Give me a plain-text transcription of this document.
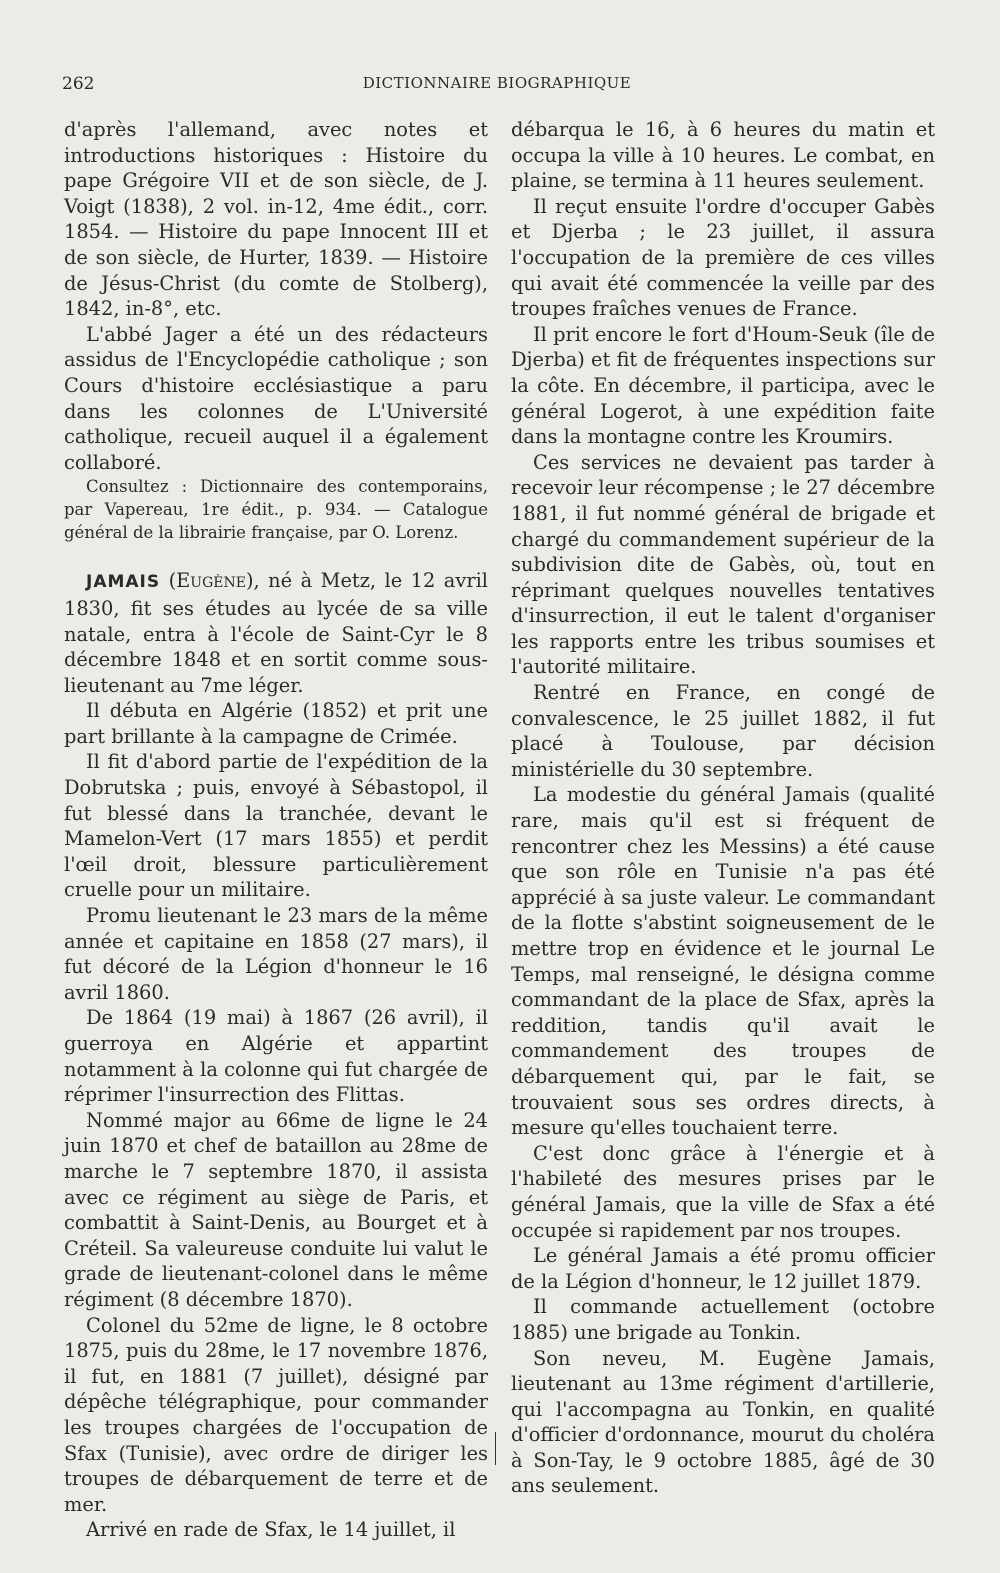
262	DICTIONNAIRE BIOGRAPHIQUE

d'après l'allemand, avec notes et introductions historiques : Histoire du pape Grégoire VII et de son siècle, de J. Voigt (1838), 2 vol. in-12, 4me édit., corr. 1854. — Histoire du pape Innocent III et de son siècle, de Hurter, 1839. — Histoire de Jésus-Christ (du comte de Stolberg), 1842, in-8°, etc.

L'abbé Jager a été un des rédacteurs assidus de l'Encyclopédie catholique ; son Cours d'histoire ecclésiastique a paru dans les colonnes de L'Université catholique, recueil auquel il a également collaboré.

Consultez : Dictionnaire des contemporains, par Vapereau, 1re édit., p. 934. — Catalogue général de la librairie française, par O. Lorenz.

JAMAIS (Eugène), né à Metz, le 12 avril 1830, fit ses études au lycée de sa ville natale, entra à l'école de Saint-Cyr le 8 décembre 1848 et en sortit comme sous-lieutenant au 7me léger.

Il débuta en Algérie (1852) et prit une part brillante à la campagne de Crimée.

Il fit d'abord partie de l'expédition de la Dobrutska ; puis, envoyé à Sébastopol, il fut blessé dans la tranchée, devant le Mamelon-Vert (17 mars 1855) et perdit l'œil droit, blessure particulièrement cruelle pour un militaire.

Promu lieutenant le 23 mars de la même année et capitaine en 1858 (27 mars), il fut décoré de la Légion d'honneur le 16 avril 1860.

De 1864 (19 mai) à 1867 (26 avril), il guerroya en Algérie et appartint notamment à la colonne qui fut chargée de réprimer l'insurrection des Flittas.

Nommé major au 66me de ligne le 24 juin 1870 et chef de bataillon au 28me de marche le 7 septembre 1870, il assista avec ce régiment au siège de Paris, et combattit à Saint-Denis, au Bourget et à Créteil. Sa valeureuse conduite lui valut le grade de lieutenant-colonel dans le même régiment (8 décembre 1870).

Colonel du 52me de ligne, le 8 octobre 1875, puis du 28me, le 17 novembre 1876, il fut, en 1881 (7 juillet), désigné par dépêche télégraphique, pour commander les troupes chargées de l'occupation de Sfax (Tunisie), avec ordre de diriger les troupes de débarquement de terre et de mer.

Arrivé en rade de Sfax, le 14 juillet, il

débarqua le 16, à 6 heures du matin et occupa la ville à 10 heures. Le combat, en plaine, se termina à 11 heures seulement.

Il reçut ensuite l'ordre d'occuper Gabès et Djerba ; le 23 juillet, il assura l'occupation de la première de ces villes qui avait été commencée la veille par des troupes fraîches venues de France.

Il prit encore le fort d'Houm-Seuk (île de Djerba) et fit de fréquentes inspections sur la côte. En décembre, il participa, avec le général Logerot, à une expédition faite dans la montagne contre les Kroumirs.

Ces services ne devaient pas tarder à recevoir leur récompense ; le 27 décembre 1881, il fut nommé général de brigade et chargé du commandement supérieur de la subdivision dite de Gabès, où, tout en réprimant quelques nouvelles tentatives d'insurrection, il eut le talent d'organiser les rapports entre les tribus soumises et l'autorité militaire.

Rentré en France, en congé de convalescence, le 25 juillet 1882, il fut placé à Toulouse, par décision ministérielle du 30 septembre.

La modestie du général Jamais (qualité rare, mais qu'il est si fréquent de rencontrer chez les Messins) a été cause que son rôle en Tunisie n'a pas été apprécié à sa juste valeur. Le commandant de la flotte s'abstint soigneusement de le mettre trop en évidence et le journal Le Temps, mal renseigné, le désigna comme commandant de la place de Sfax, après la reddition, tandis qu'il avait le commandement des troupes de débarquement qui, par le fait, se trouvaient sous ses ordres directs, à mesure qu'elles touchaient terre.

C'est donc grâce à l'énergie et à l'habileté des mesures prises par le général Jamais, que la ville de Sfax a été occupée si rapidement par nos troupes.

Le général Jamais a été promu officier de la Légion d'honneur, le 12 juillet 1879.

Il commande actuellement (octobre 1885) une brigade au Tonkin.

Son neveu, M. Eugène Jamais, lieutenant au 13me régiment d'artillerie, qui l'accompagna au Tonkin, en qualité d'officier d'ordonnance, mourut du choléra à Son-Tay, le 9 octobre 1885, âgé de 30 ans seulement.
